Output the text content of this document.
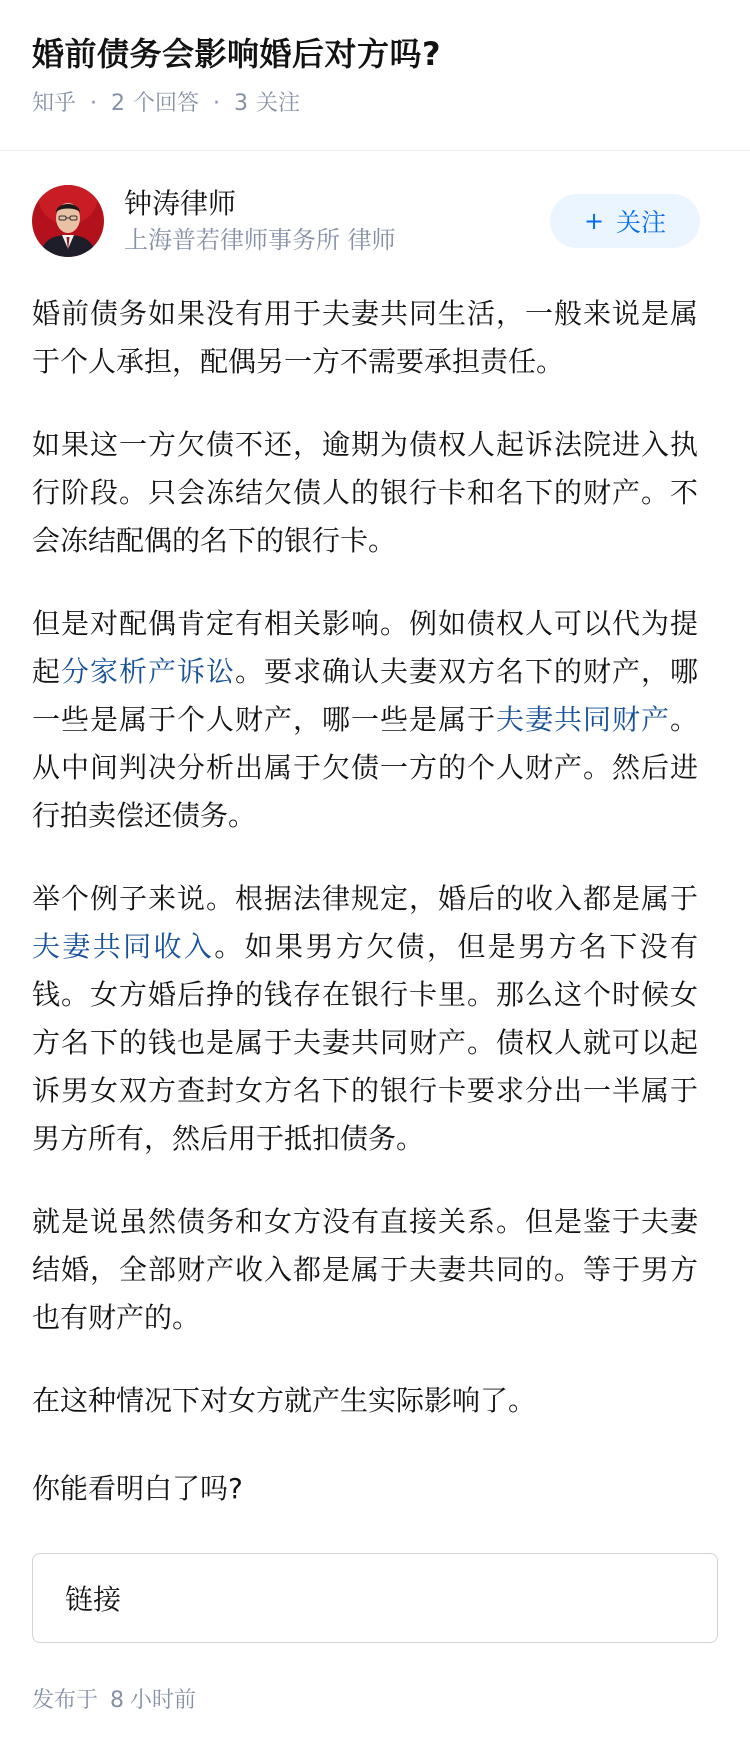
婚前债务会影响婚后对方吗?
知乎 · 2 个回答 · 3 关注
钟涛律师
上海普若律师事务所 律师
+ 关注

婚前债务如果没有用于夫妻共同生活，一般来说是属于个人承担，配偶另一方不需要承担责任。

如果这一方欠债不还，逾期为债权人起诉法院进入执行阶段。只会冻结欠债人的银行卡和名下的财产。不会冻结配偶的名下的银行卡。

但是对配偶肯定有相关影响。例如债权人可以代为提起分家析产诉讼。要求确认夫妻双方名下的财产，哪一些是属于个人财产，哪一些是属于夫妻共同财产。从中间判决分析出属于欠债一方的个人财产。然后进行拍卖偿还债务。

举个例子来说。根据法律规定，婚后的收入都是属于夫妻共同收入。如果男方欠债，但是男方名下没有钱。女方婚后挣的钱存在银行卡里。那么这个时候女方名下的钱也是属于夫妻共同财产。债权人就可以起诉男女双方查封女方名下的银行卡要求分出一半属于男方所有，然后用于抵扣债务。

就是说虽然债务和女方没有直接关系。但是鉴于夫妻结婚，全部财产收入都是属于夫妻共同的。等于男方也有财产的。

在这种情况下对女方就产生实际影响了。

你能看明白了吗?

链接
发布于 8 小时前
